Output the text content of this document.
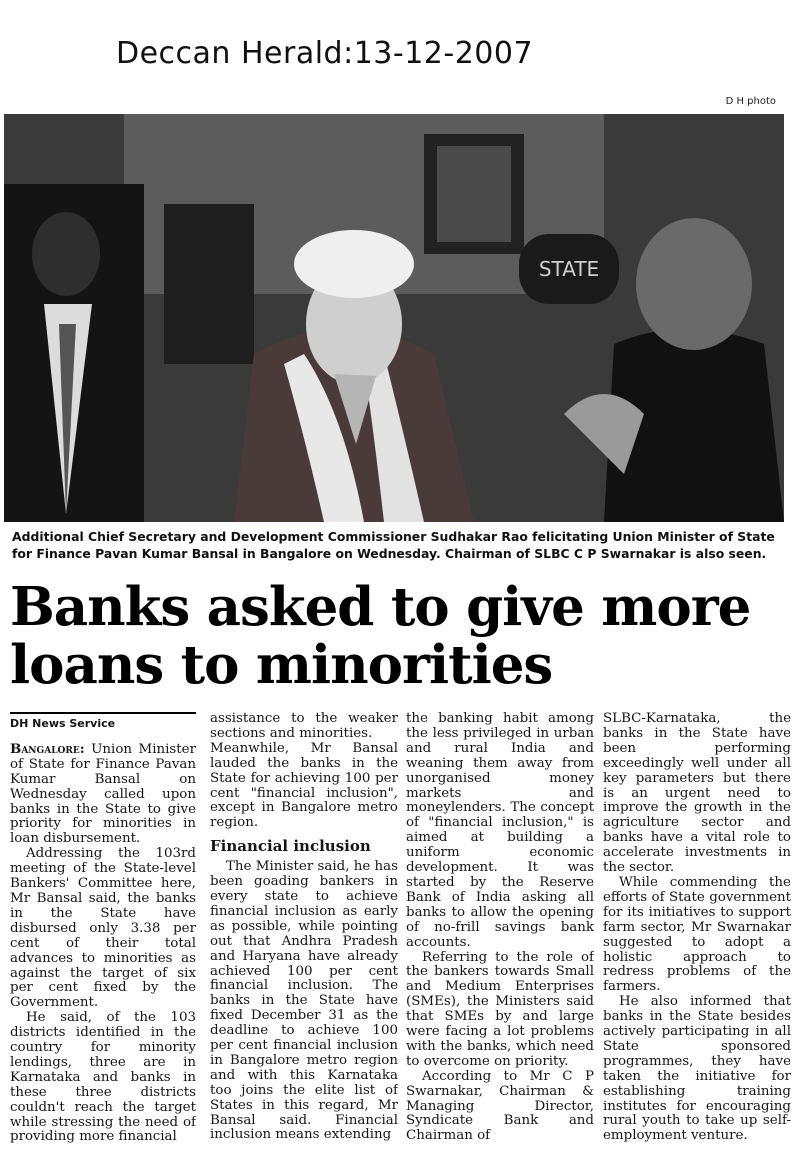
Deccan Herald:13-12-2007
D H photo
STATE
Additional Chief Secretary and Development Commissioner Sudhakar Rao felicitating Union Minister of State for Finance Pavan Kumar Bansal in Bangalore on Wednesday. Chairman of SLBC C P Swarnakar is also seen.
Banks asked to give more
loans to minorities
DH News Service

Bangalore: Union Minister of State for Finance Pavan Kumar Bansal on Wednesday called upon banks in the State to give priority for minorities in loan disbursement.

Addressing the 103rd meeting of the State-level Bankers' Committee here, Mr Bansal said, the banks in the State have disbursed only 3.38 per cent of their total advances to minorities as against the target of six per cent fixed by the Government.

He said, of the 103 districts identified in the country for minority lendings, three are in Karnataka and banks in these three districts couldn't reach the target while stressing the need of providing more financial

assistance to the weaker sections and minorities.

Meanwhile, Mr Bansal lauded the banks in the State for achieving 100 per cent "financial inclusion", except in Bangalore metro region.

Financial inclusion

The Minister said, he has been goading bankers in every state to achieve financial inclusion as early as possible, while pointing out that Andhra Pradesh and Haryana have already achieved 100 per cent financial inclusion. The banks in the State have fixed December 31 as the deadline to achieve 100 per cent financial inclusion in Bangalore metro region and with this Karnataka too joins the elite list of States in this regard, Mr Bansal said. Financial inclusion means extending

the banking habit among the less privileged in urban and rural India and weaning them away from unorganised money markets and moneylenders. The concept of "financial inclusion," is aimed at building a uniform economic development. It was started by the Reserve Bank of India asking all banks to allow the opening of no-frill savings bank accounts.

Referring to the role of the bankers towards Small and Medium Enterprises (SMEs), the Ministers said that SMEs by and large were facing a lot problems with the banks, which need to overcome on priority.

According to Mr C P Swarnakar, Chairman & Managing Director, Syndicate Bank and Chairman of

SLBC-Karnataka, the banks in the State have been performing exceedingly well under all key parameters but there is an urgent need to improve the growth in the agriculture sector and banks have a vital role to accelerate investments in the sector.

While commending the efforts of State government for its initiatives to support farm sector, Mr Swarnakar suggested to adopt a holistic approach to redress problems of the farmers.

He also informed that banks in the State besides actively participating in all State sponsored programmes, they have taken the initiative for establishing training institutes for encouraging rural youth to take up self-employment venture.
